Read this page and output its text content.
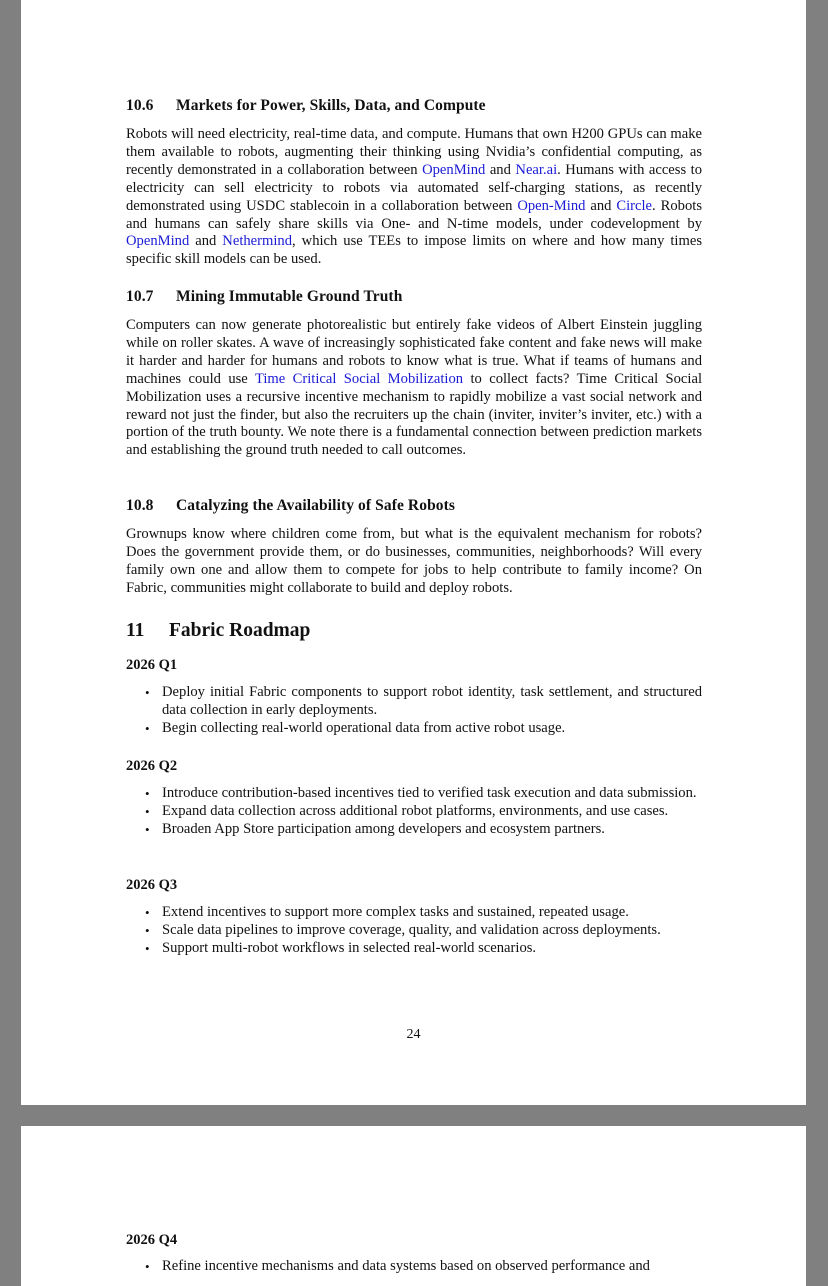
10.6 Markets for Power, Skills, Data, and Compute
Robots will need electricity, real-time data, and compute. Humans that own H200 GPUs can make them available to robots, augmenting their thinking using Nvidia’s confidential computing, as recently demonstrated in a collaboration between OpenMind and Near.ai. Humans with access to electricity can sell electricity to robots via automated self-charging stations, as recently demonstrated using USDC stablecoin in a collaboration between Open-Mind and Circle. Robots and humans can safely share skills via One- and N-time models, under codevelopment by OpenMind and Nethermind, which use TEEs to impose limits on where and how many times specific skill models can be used.
10.7 Mining Immutable Ground Truth
Computers can now generate photorealistic but entirely fake videos of Albert Einstein juggling while on roller skates. A wave of increasingly sophisticated fake content and fake news will make it harder and harder for humans and robots to know what is true. What if teams of humans and machines could use Time Critical Social Mobilization to collect facts? Time Critical Social Mobilization uses a recursive incentive mechanism to rapidly mobilize a vast social network and reward not just the finder, but also the recruiters up the chain (inviter, inviter’s inviter, etc.) with a portion of the truth bounty. We note there is a fundamental connection between prediction markets and establishing the ground truth needed to call outcomes.
10.8 Catalyzing the Availability of Safe Robots
Grownups know where children come from, but what is the equivalent mechanism for robots? Does the government provide them, or do businesses, communities, neighborhoods? Will every family own one and allow them to compete for jobs to help contribute to family income? On Fabric, communities might collaborate to build and deploy robots.
11 Fabric Roadmap
2026 Q1
• Deploy initial Fabric components to support robot identity, task settlement, and structured data collection in early deployments.
• Begin collecting real-world operational data from active robot usage.
2026 Q2
• Introduce contribution-based incentives tied to verified task execution and data submission.
• Expand data collection across additional robot platforms, environments, and use cases.
• Broaden App Store participation among developers and ecosystem partners.
2026 Q3
• Extend incentives to support more complex tasks and sustained, repeated usage.
• Scale data pipelines to improve coverage, quality, and validation across deployments.
• Support multi-robot workflows in selected real-world scenarios.
24
2026 Q4
• Refine incentive mechanisms and data systems based on observed performance and
